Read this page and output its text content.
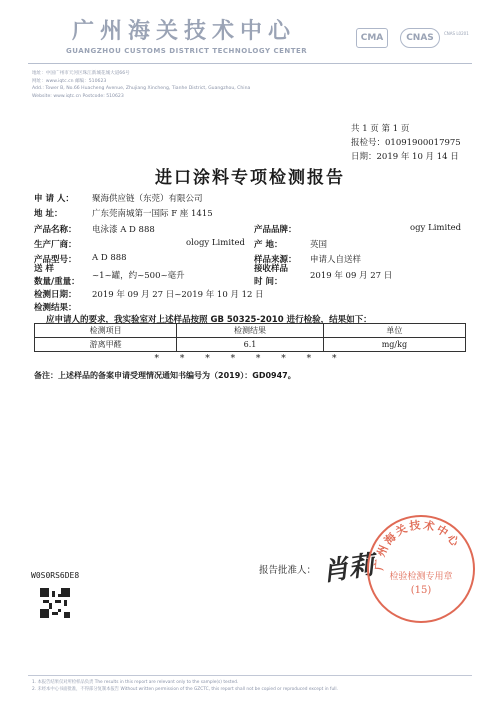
广州海关技术中心
GUANGZHOU CUSTOMS DISTRICT TECHNOLOGY CENTER
CMA	CNAS	CNAS L0201
地址：中国广州市天河区珠江新城花城大道66号
网址：www.iqtc.cn 邮编：510623
Add.: Tower B, No.66 Huacheng Avenue, Zhujiang Xincheng, Tianhe District, Guangzhou, China
Website: www.iqtc.cn Postcode: 510623
共 1 页 第 1 页
报检号：01091900017975
日期：2019 年 10 月 14 日
进口涂料专项检测报告
申 请 人： 聚海供应链（东莞）有限公司
地 址：	广东莞南城第一国际 F 座 1415
产品名称： 电泳漆 A D 888	产品品牌：	ogy Limited
生产厂商：	ology Limited 产 地：	英国
产品型号： A D 888	样品来源： 申请人自送样
送 样
数量/重量：
~1~罐，约~500~毫升
接收样品
时 间：
2019 年 09 月 27 日
检测日期： 2019 年 09 月 27 日~2019 年 10 月 12 日
检测结果：
应申请人的要求，我实验室对上述样品按照 GB 50325-2010 进行检验，结果如下：
检测项目	检测结果	单位
游离甲醛	6.1	mg/kg
* * * * * * * *
备注：上述样品的备案申请受理情况通知书编号为（2019）：GD0947。
报告批准人： 肖莉
广州海关技术中心
检验检测专用章
(15)
W0S0RS6DE8
1. 本报告结果仅对所检样品负责 The results in this report are relevant only to the sample(s) tested.
2. 未经本中心书面批准，不得部分复制本报告 Without written permission of the GZCTC, this report shall not be copied or reproduced except in full.
